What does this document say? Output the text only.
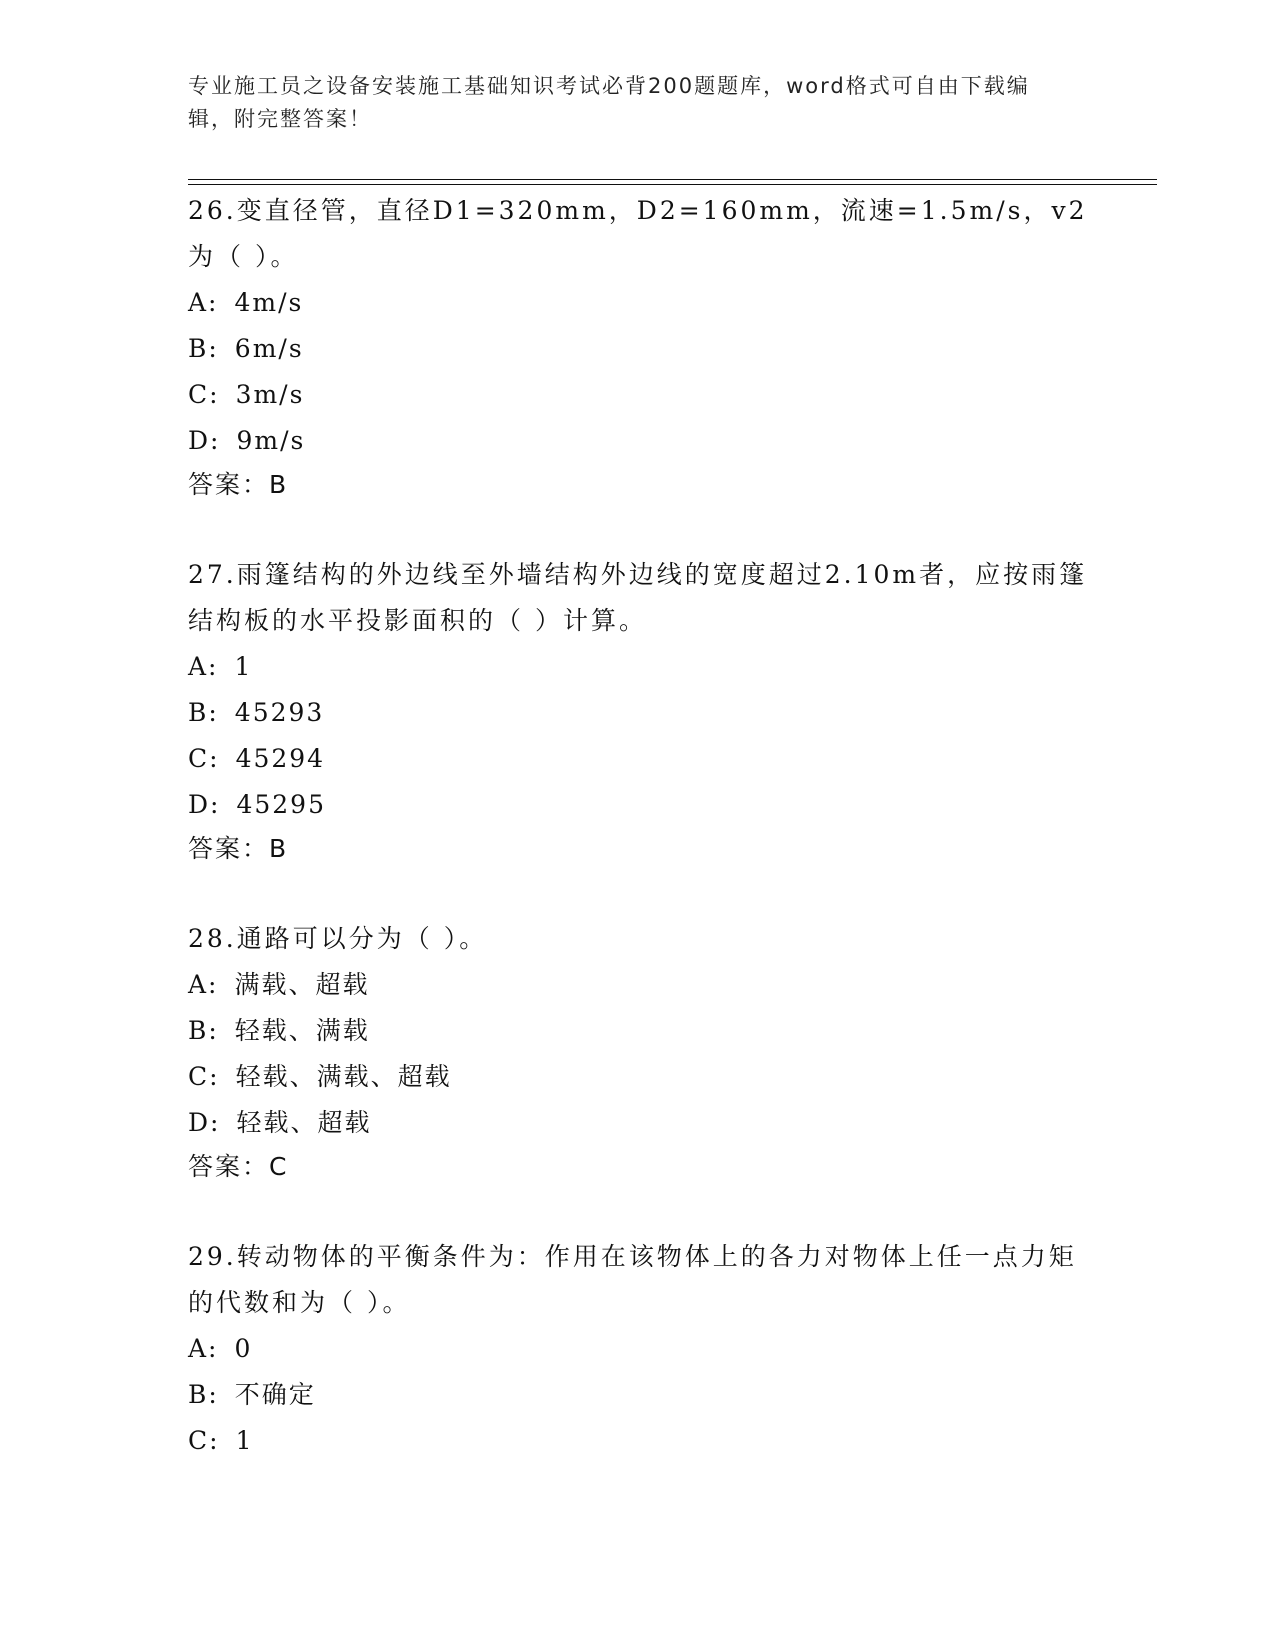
专业施工员之设备安装施工基础知识考试必背200题题库，word格式可自由下载编辑，附完整答案！

26.变直径管，直径D1=320mm，D2=160mm，流速=1.5m/s，v2为（ ）。

A: 4m/s

B: 6m/s

C: 3m/s

D: 9m/s

答案：B

27.雨篷结构的外边线至外墙结构外边线的宽度超过2.10m者，应按雨篷结构板的水平投影面积的（ ）计算。

A: 1

B: 45293

C: 45294

D: 45295

答案：B

28.通路可以分为（ ）。

A: 满载、超载

B: 轻载、满载

C: 轻载、满载、超载

D: 轻载、超载

答案：C

29.转动物体的平衡条件为：作用在该物体上的各力对物体上任一点力矩的代数和为（ ）。

A: 0

B: 不确定

C: 1
